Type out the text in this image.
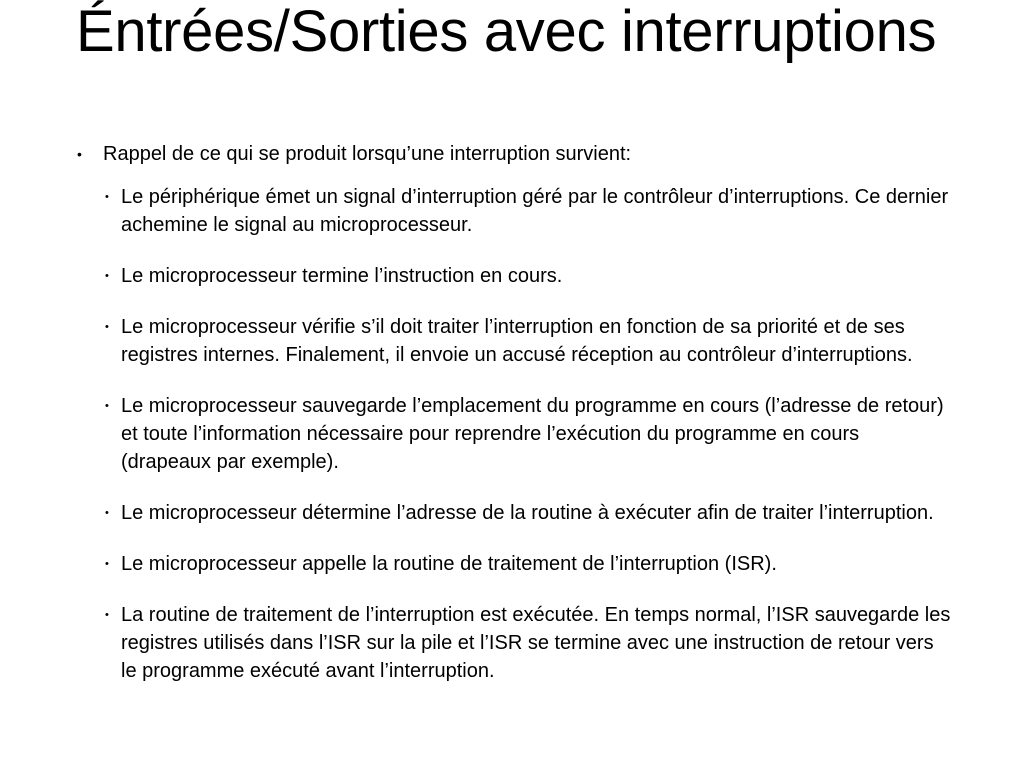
Éntrées/Sorties avec interruptions
• Rappel de ce qui se produit lorsqu’une interruption survient:
• Le périphérique émet un signal d’interruption géré par le contrôleur d’interruptions. Ce dernier achemine le signal au microprocesseur.
• Le microprocesseur termine l’instruction en cours.
• Le microprocesseur vérifie s’il doit traiter l’interruption en fonction de sa priorité et de ses registres internes. Finalement, il envoie un accusé réception au contrôleur d’interruptions.
• Le microprocesseur sauvegarde l’emplacement du programme en cours (l’adresse de retour) et toute l’information nécessaire pour reprendre l’exécution du programme en cours (drapeaux par exemple).
• Le microprocesseur détermine l’adresse de la routine à exécuter afin de traiter l’interruption.
• Le microprocesseur appelle la routine de traitement de l’interruption (ISR).
• La routine de traitement de l’interruption est exécutée. En temps normal, l’ISR sauvegarde les registres utilisés dans l’ISR sur la pile et l’ISR se termine avec une instruction de retour vers le programme exécuté avant l’interruption.
